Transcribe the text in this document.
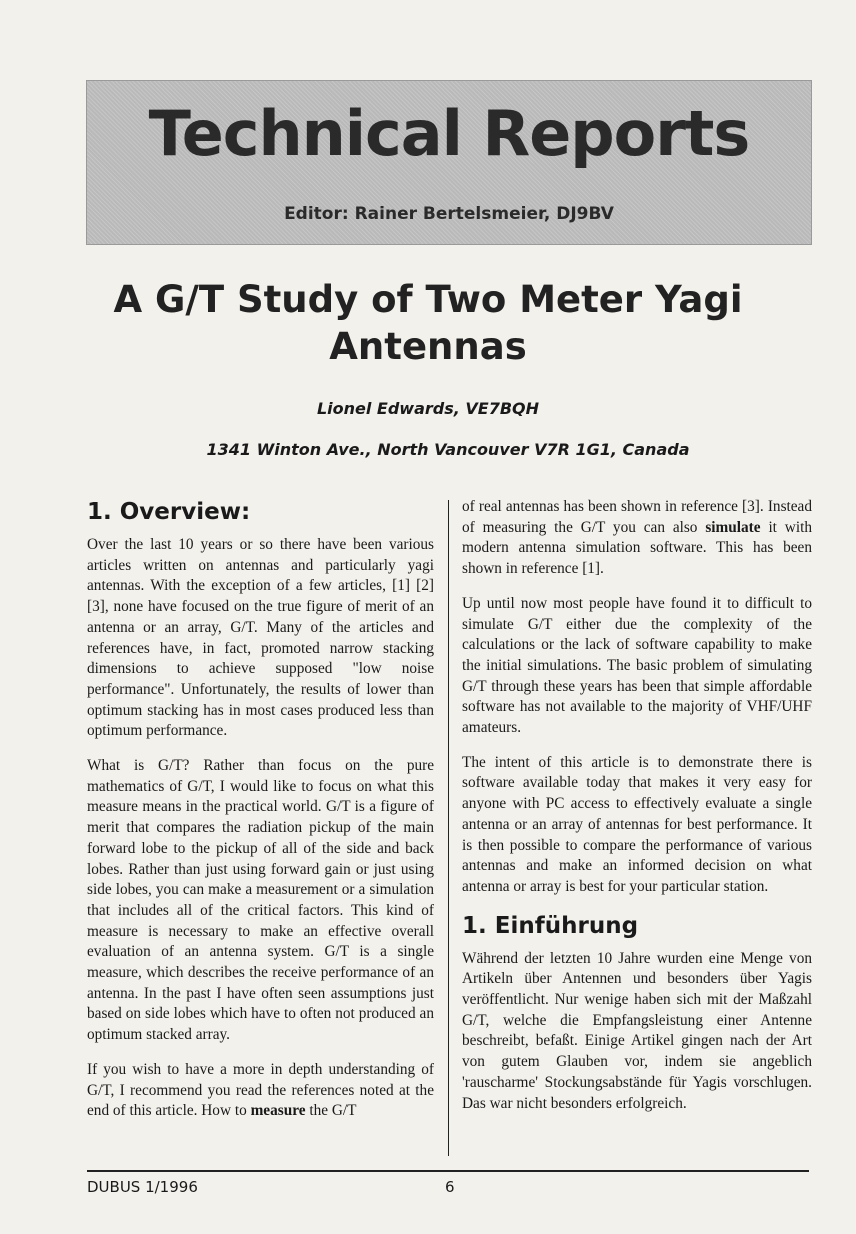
Technical Reports
Editor: Rainer Bertelsmeier, DJ9BV
A G/T Study of Two Meter Yagi Antennas
Lionel Edwards, VE7BQH
1341 Winton Ave., North Vancouver V7R 1G1, Canada
1. Overview:

Over the last 10 years or so there have been various articles written on antennas and particularly yagi antennas. With the exception of a few articles, [1] [2] [3], none have focused on the true figure of merit of an antenna or an array, G/T. Many of the articles and references have, in fact, promoted narrow stacking dimensions to achieve supposed "low noise performance". Unfortunately, the results of lower than optimum stacking has in most cases produced less than optimum performance.

What is G/T? Rather than focus on the pure mathematics of G/T, I would like to focus on what this measure means in the practical world. G/T is a figure of merit that compares the radiation pickup of the main forward lobe to the pickup of all of the side and back lobes. Rather than just using forward gain or just using side lobes, you can make a measurement or a simulation that includes all of the critical factors. This kind of measure is necessary to make an effective overall evaluation of an antenna system. G/T is a single measure, which describes the receive performance of an antenna. In the past I have often seen assumptions just based on side lobes which have to often not produced an optimum stacked array.

If you wish to have a more in depth understanding of G/T, I recommend you read the references noted at the end of this article. How to measure the G/T

of real antennas has been shown in reference [3]. Instead of measuring the G/T you can also simulate it with modern antenna simulation software. This has been shown in reference [1].

Up until now most people have found it to difficult to simulate G/T either due the complexity of the calculations or the lack of software capability to make the initial simulations. The basic problem of simulating G/T through these years has been that simple affordable software has not available to the majority of VHF/UHF amateurs.

The intent of this article is to demonstrate there is software available today that makes it very easy for anyone with PC access to effectively evaluate a single antenna or an array of antennas for best performance. It is then possible to compare the performance of various antennas and make an informed decision on what antenna or array is best for your particular station.

1. Einführung

Während der letzten 10 Jahre wurden eine Menge von Artikeln über Antennen und besonders über Yagis veröffentlicht. Nur wenige haben sich mit der Maßzahl G/T, welche die Empfangsleistung einer Antenne beschreibt, befaßt. Einige Artikel gingen nach der Art von gutem Glauben vor, indem sie angeblich 'rauscharme' Stockungsabstände für Yagis vorschlugen. Das war nicht besonders erfolgreich.

DUBUS 1/1996	6
